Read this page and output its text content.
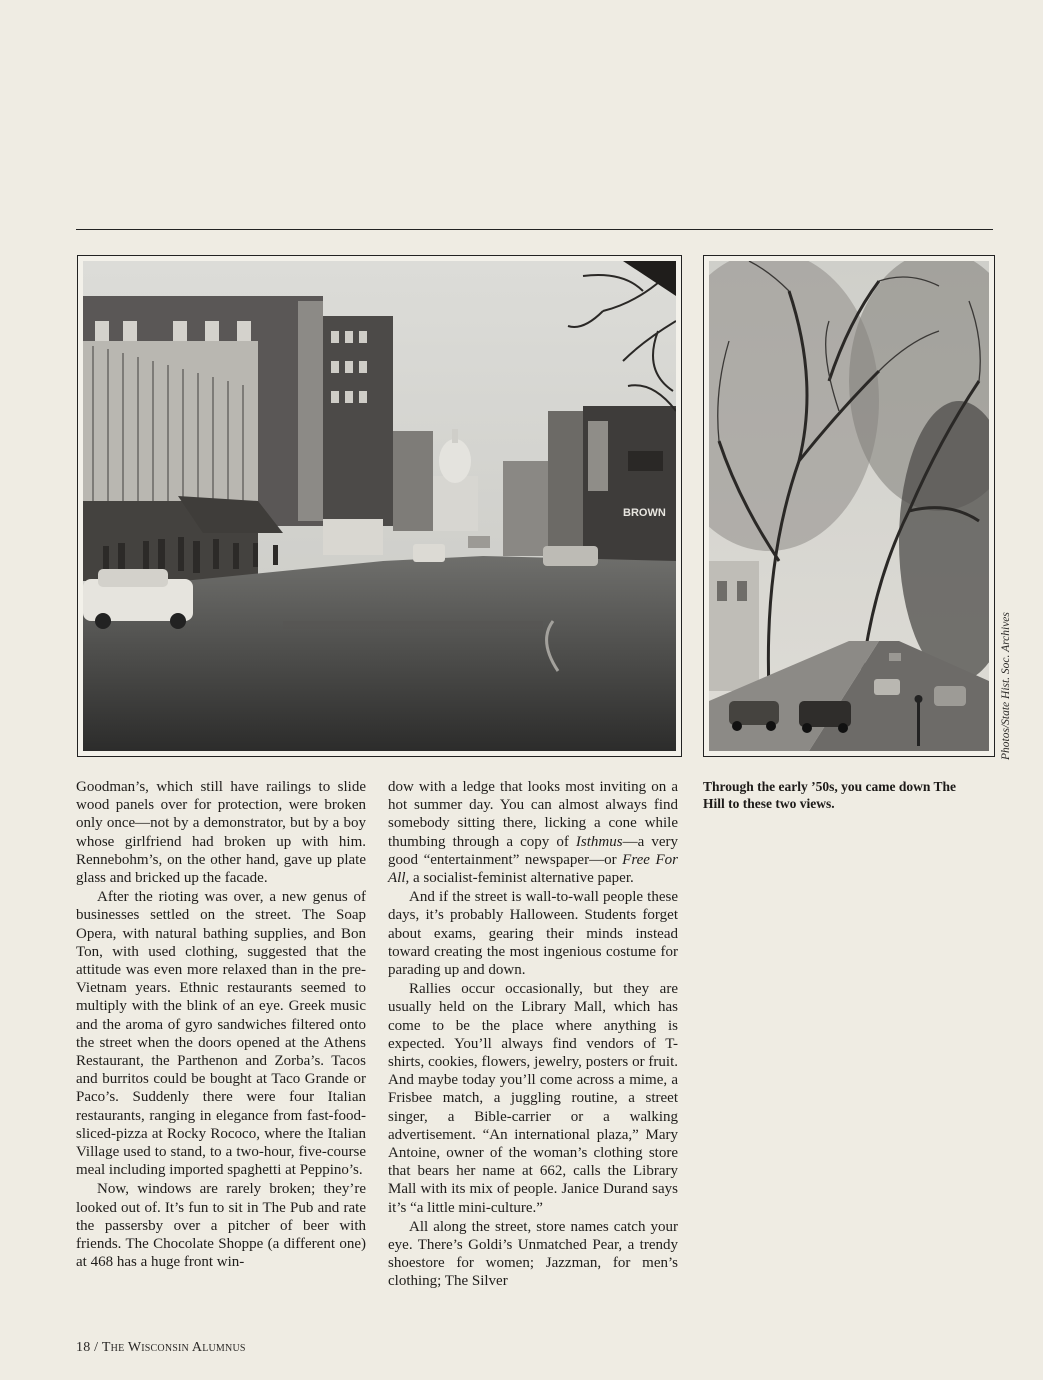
BROWN
Photos/State Hist. Soc. Archives

Goodman’s, which still have railings to slide wood panels over for protection, were broken only once—not by a demonstrator, but by a boy whose girlfriend had broken up with him. Rennebohm’s, on the other hand, gave up plate glass and bricked up the facade.

After the rioting was over, a new genus of businesses settled on the street. The Soap Opera, with natural bathing supplies, and Bon Ton, with used clothing, suggested that the attitude was even more relaxed than in the pre-Vietnam years. Ethnic restaurants seemed to multiply with the blink of an eye. Greek music and the aroma of gyro sandwiches filtered onto the street when the doors opened at the Athens Restaurant, the Parthenon and Zorba’s. Tacos and burritos could be bought at Taco Grande or Paco’s. Suddenly there were four Italian restaurants, ranging in elegance from fast-food-sliced-pizza at Rocky Rococo, where the Italian Village used to stand, to a two-hour, five-course meal including imported spaghetti at Peppino’s.

Now, windows are rarely broken; they’re looked out of. It’s fun to sit in The Pub and rate the passersby over a pitcher of beer with friends. The Chocolate Shoppe (a different one) at 468 has a huge front win-

dow with a ledge that looks most inviting on a hot summer day. You can almost always find somebody sitting there, licking a cone while thumbing through a copy of Isthmus—a very good “entertainment” newspaper—or Free For All, a socialist-feminist alternative paper.

And if the street is wall-to-wall people these days, it’s probably Halloween. Students forget about exams, gearing their minds instead toward creating the most ingenious costume for parading up and down.

Rallies occur occasionally, but they are usually held on the Library Mall, which has come to be the place where anything is expected. You’ll always find vendors of T-shirts, cookies, flowers, jewelry, posters or fruit. And maybe today you’ll come across a mime, a Frisbee match, a juggling routine, a street singer, a Bible-carrier or a walking advertisement. “An international plaza,” Mary Antoine, owner of the woman’s clothing store that bears her name at 662, calls the Library Mall with its mix of people. Janice Durand says it’s “a little mini-culture.”

All along the street, store names catch your eye. There’s Goldi’s Unmatched Pear, a trendy shoestore for women; Jazzman, for men’s clothing; The Silver

Through the early ’50s, you came down The Hill to these two views.
18 / The Wisconsin Alumnus
